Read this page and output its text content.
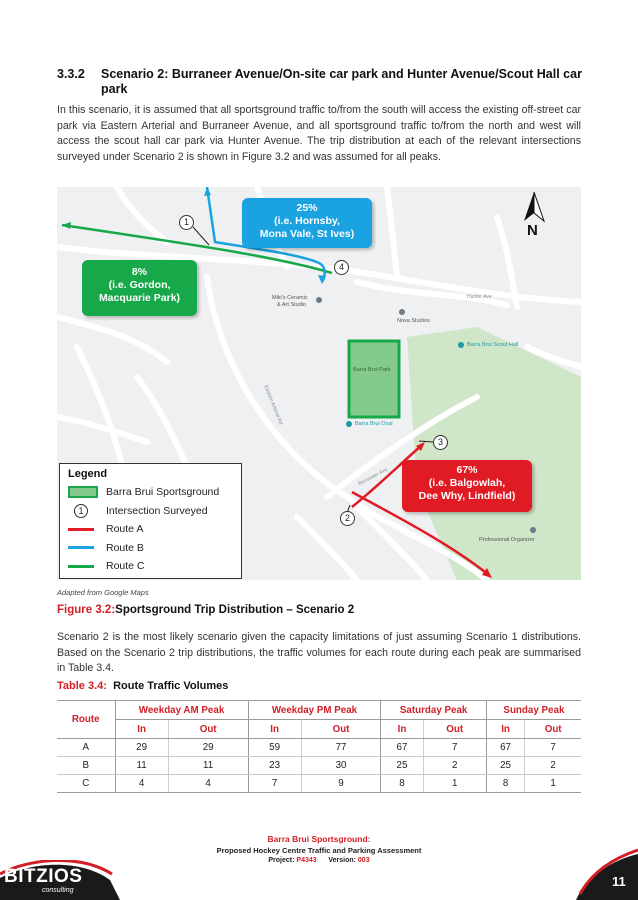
3.3.2 Scenario 2: Burraneer Avenue/On-site car park and Hunter Avenue/Scout Hall car park

In this scenario, it is assumed that all sportsground traffic to/from the south will access the existing off-street car park via Eastern Arterial and Burraneer Avenue, and all sportsground traffic to/from the north and west will access the scout hall car park via Hunter Avenue. The trip distribution at each of the relevant intersections surveyed under Scenario 2 is shown in Figure 3.2 and was assumed for all peaks.

Miki's Ceramic
& Art Studio
Nova Studios
Barra Brui Scout Hall
Barra Brui Park
Barra Brui Oval
Professional Organizer
Hunter Ave
Burraneer Ave
Eastern Arterial Rd
25%
(i.e. Hornsby,
Mona Vale, St Ives)
8%
(i.e. Gordon,
Macquarie Park)
67%
(i.e. Balgowlah,
Dee Why, Lindfield)
1
2
3
4
N
Legend
Barra Brui Sportsground
1	Intersection Surveyed
Route A
Route B
Route C
Adapted from Google Maps
Figure 3.2:Sportsground Trip Distribution – Scenario 2

Scenario 2 is the most likely scenario given the capacity limitations of just assuming Scenario 1 distributions. Based on the Scenario 2 trip distributions, the traffic volumes for each route during each peak are summarised in Table 3.4.

Table 3.4: Route Traffic Volumes
Route	Weekday AM Peak		Weekday PM Peak		Saturday Peak		Sunday Peak	
	In	Out	In	Out	In	Out	In	Out
A	29	29	59	77	67	7	67	7
B	11	11	23	30	25	2	25	2
C	4	4	7	9	8	1	8	1
BITZIOS
consulting
Barra Brui Sportsground:
Proposed Hockey Centre Traffic and Parking Assessment
Project: P4343 Version: 003
11
